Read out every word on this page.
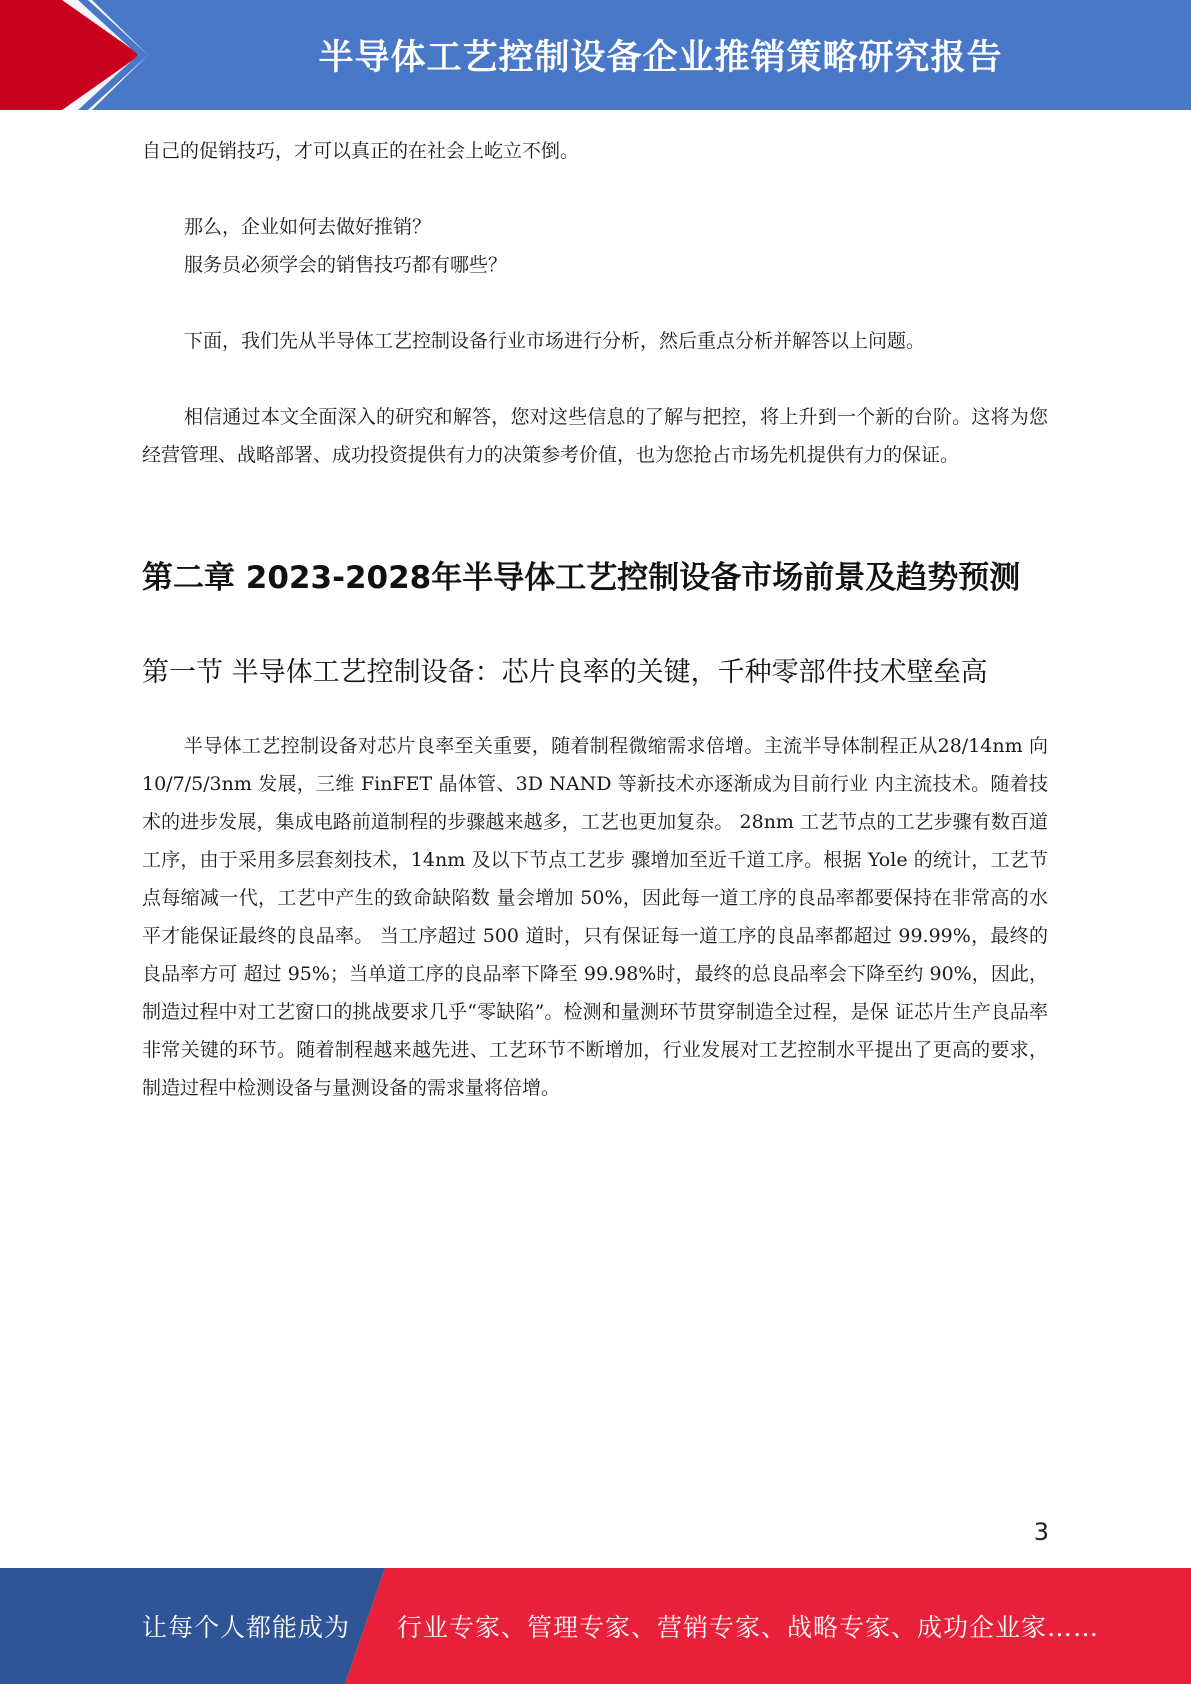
半导体工艺控制设备企业推销策略研究报告

自己的促销技巧，才可以真正的在社会上屹立不倒。

那么，企业如何去做好推销？

服务员必须学会的销售技巧都有哪些？

下面，我们先从半导体工艺控制设备行业市场进行分析，然后重点分析并解答以上问题。

相信通过本文全面深入的研究和解答，您对这些信息的了解与把控，将上升到一个新的台阶。这将为您经营管理、战略部署、成功投资提供有力的决策参考价值，也为您抢占市场先机提供有力的保证。

第二章 2023-2028年半导体工艺控制设备市场前景及趋势预测
第一节 半导体工艺控制设备：芯片良率的关键，千种零部件技术壁垒高

半导体工艺控制设备对芯片良率至关重要，随着制程微缩需求倍增。主流半导体制程正从28/14nm 向 10/7/5/3nm 发展，三维 FinFET 晶体管、3D NAND 等新技术亦逐渐成为目前行业 内主流技术。随着技术的进步发展，集成电路前道制程的步骤越来越多，工艺也更加复杂。 28nm 工艺节点的工艺步骤有数百道工序，由于采用多层套刻技术，14nm 及以下节点工艺步 骤增加至近千道工序。根据 Yole 的统计，工艺节点每缩减一代，工艺中产生的致命缺陷数 量会增加 50%，因此每一道工序的良品率都要保持在非常高的水平才能保证最终的良品率。 当工序超过 500 道时，只有保证每一道工序的良品率都超过 99.99%，最终的良品率方可 超过 95%；当单道工序的良品率下降至 99.98%时，最终的总良品率会下降至约 90%，因此， 制造过程中对工艺窗口的挑战要求几乎“零缺陷”。检测和量测环节贯穿制造全过程，是保 证芯片生产良品率非常关键的环节。随着制程越来越先进、工艺环节不断增加，行业发展对工艺控制水平提出了更高的要求，制造过程中检测设备与量测设备的需求量将倍增。

3
让每个人都能成为 行业专家、管理专家、营销专家、战略专家、成功企业家……
